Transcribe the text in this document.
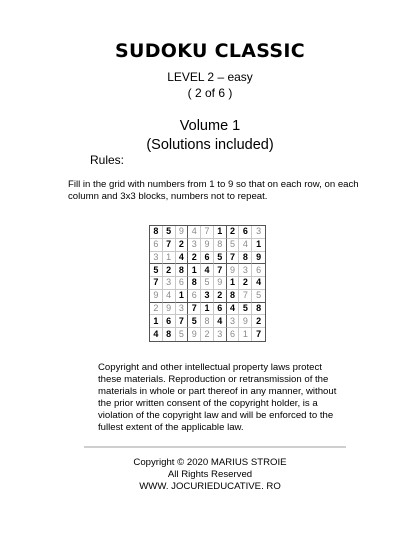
SUDOKU CLASSIC
LEVEL 2 – easy
( 2 of 6 )
Volume 1
(Solutions included)
Rules:
Fill in the grid with numbers from 1 to 9 so that on each row, on each column and 3x3 blocks, numbers not to repeat.
8 5 9 4 7 1 2 6 3
6 7 2 3 9 8 5 4 1
3 1 4 2 6 5 7 8 9
5 2 8 1 4 7 9 3 6
7 3 6 8 5 9 1 2 4
9 4 1 6 3 2 8 7 5
2 9 3 7 1 6 4 5 8
1 6 7 5 8 4 3 9 2
4 8 5 9 2 3 6 1 7
Copyright and other intellectual property laws protect these materials. Reproduction or retransmission of the materials in whole or part thereof in any manner, without the prior written consent of the copyright holder, is a violation of the copyright law and will be enforced to the fullest extent of the applicable law.
Copyright © 2020 MARIUS STROIE
All Rights Reserved
WWW. JOCURIEDUCATIVE. RO
